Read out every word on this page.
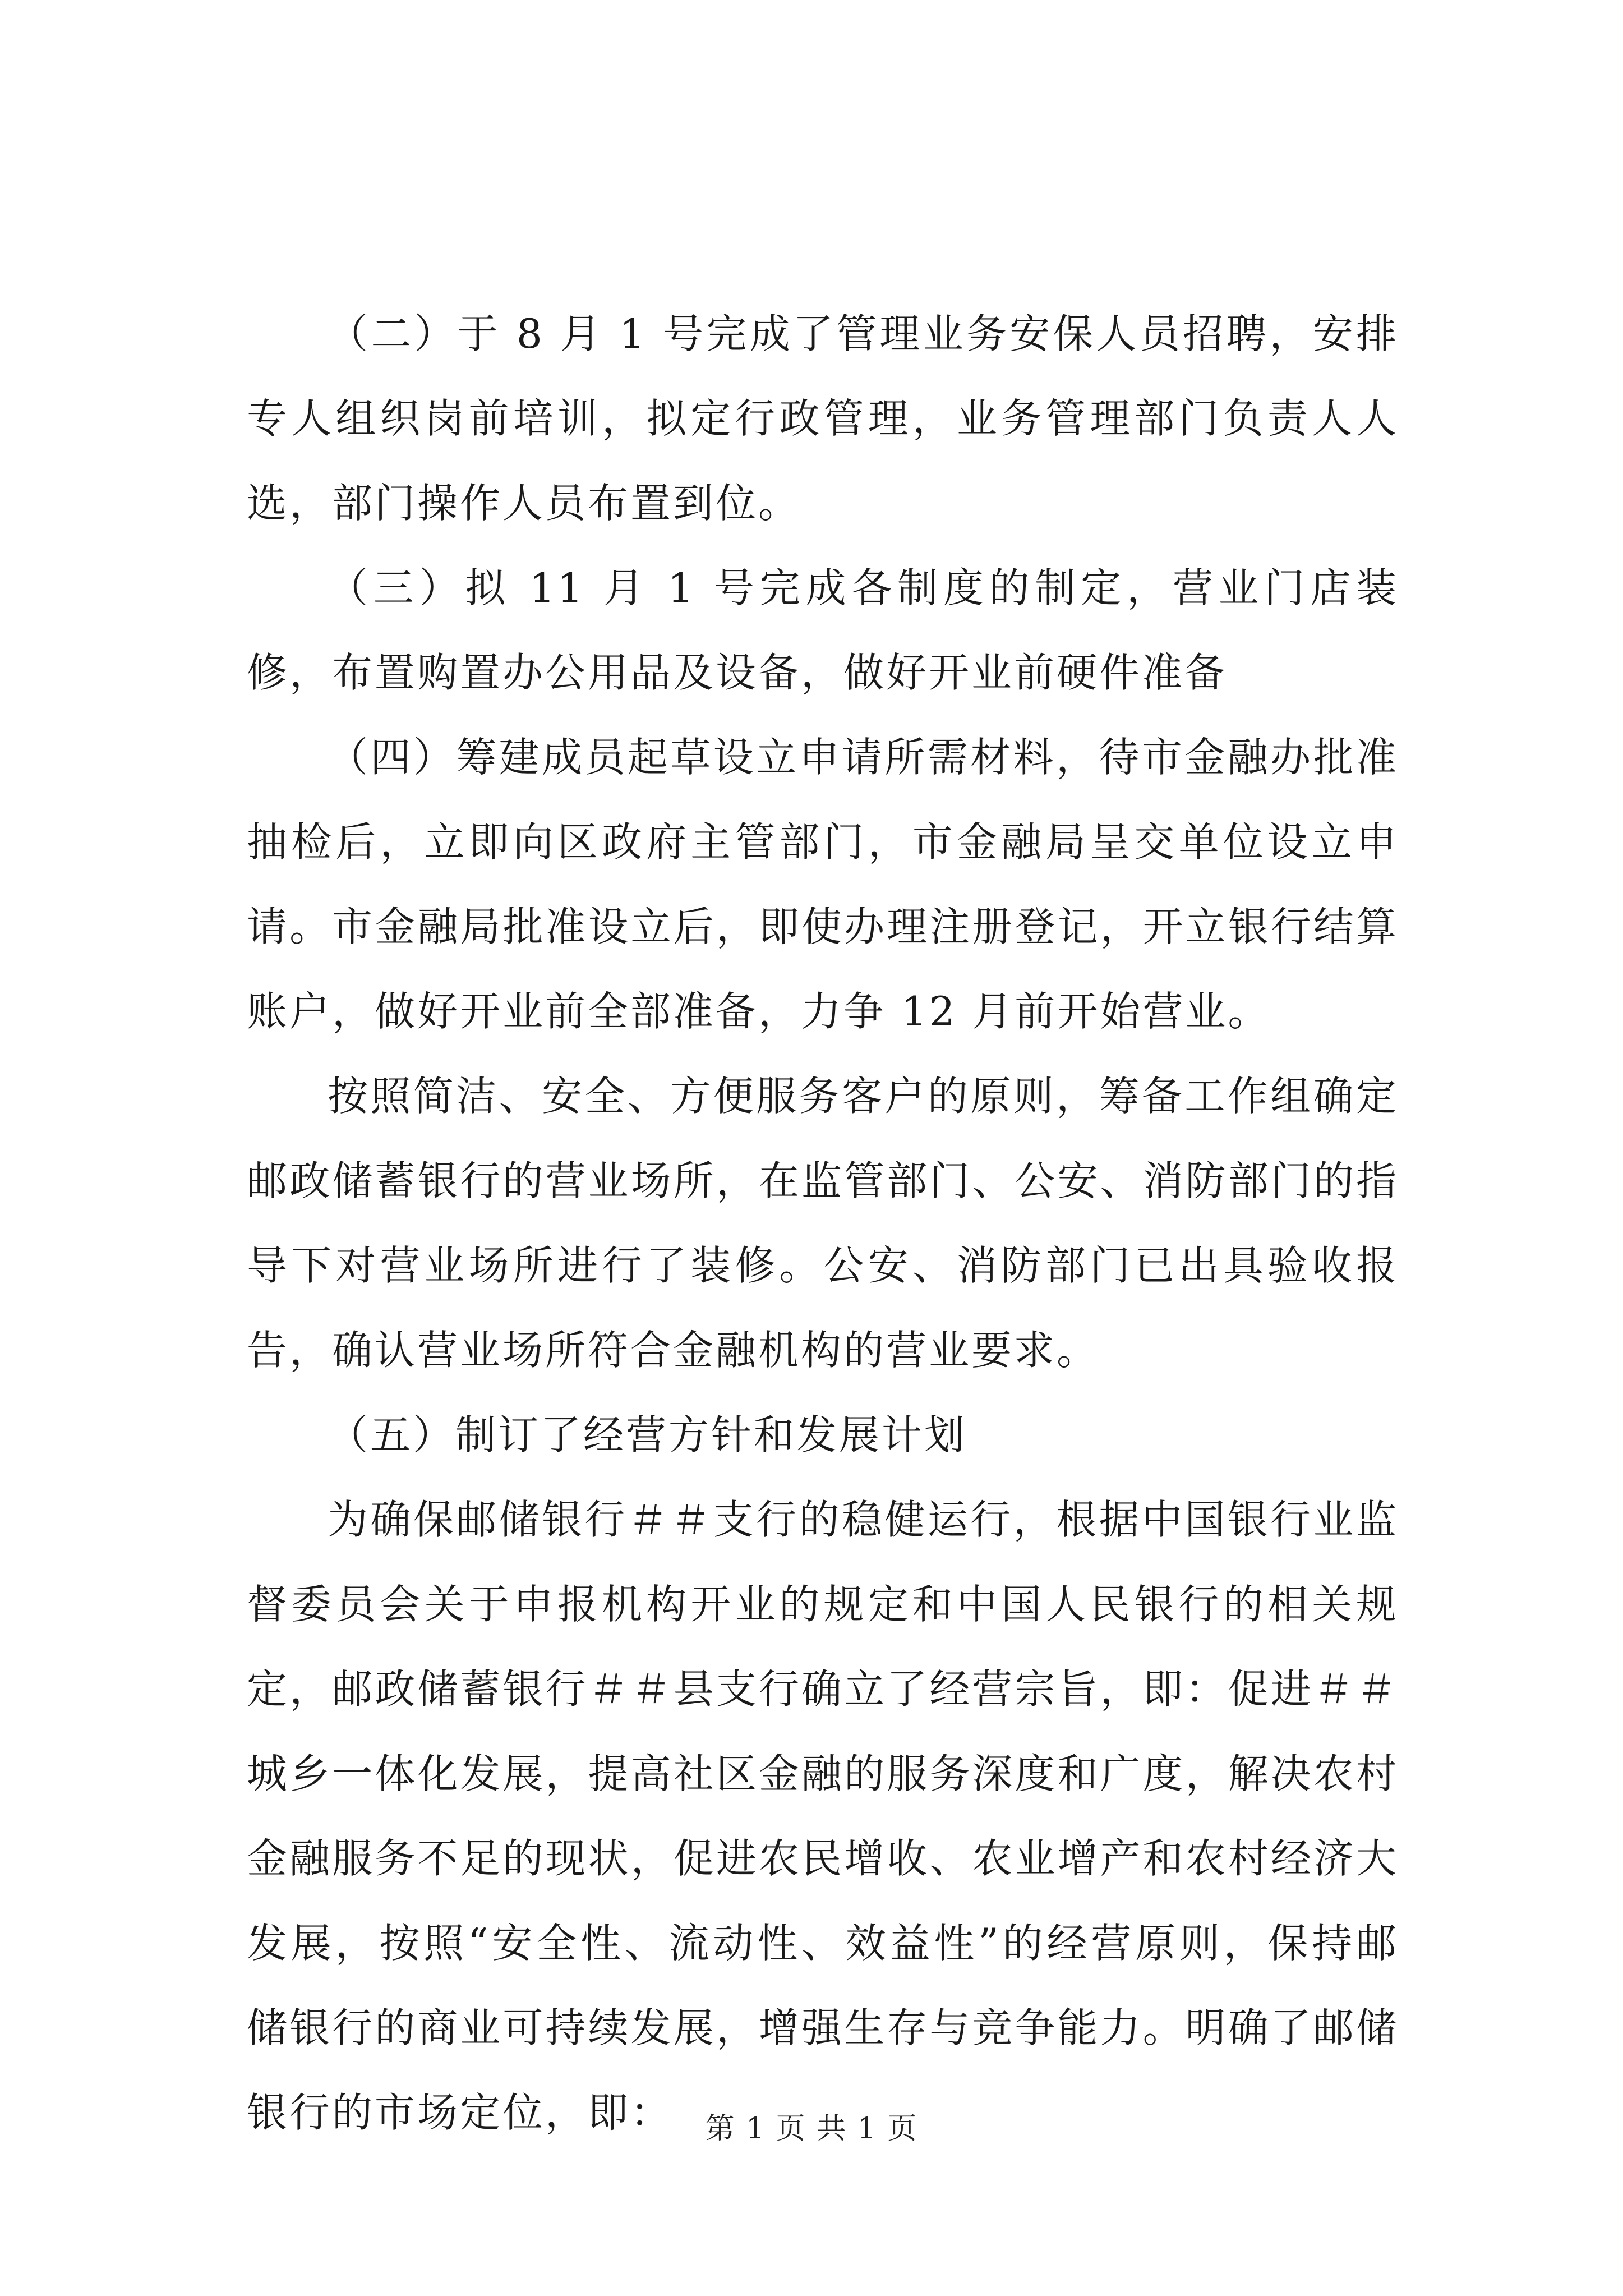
（二）于 8 月 1 号完成了管理业务安保人员招聘，安排专人组织岗前培训，拟定行政管理，业务管理部门负责人人选，部门操作人员布置到位。

（三）拟 11 月 1 号完成各制度的制定，营业门店装修，布置购置办公用品及设备，做好开业前硬件准备

（四）筹建成员起草设立申请所需材料，待市金融办批准抽检后，立即向区政府主管部门，市金融局呈交单位设立申请。市金融局批准设立后，即使办理注册登记，开立银行结算账户，做好开业前全部准备，力争 12 月前开始营业。

按照简洁、安全、方便服务客户的原则，筹备工作组确定邮政储蓄银行的营业场所，在监管部门、公安、消防部门的指导下对营业场所进行了装修。公安、消防部门已出具验收报告，确认营业场所符合金融机构的营业要求。

（五）制订了经营方针和发展计划

为确保邮储银行＃＃支行的稳健运行，根据中国银行业监督委员会关于申报机构开业的规定和中国人民银行的相关规定，邮政储蓄银行＃＃县支行确立了经营宗旨，即：促进＃＃城乡一体化发展，提高社区金融的服务深度和广度，解决农村金融服务不足的现状，促进农民增收、农业增产和农村经济大发展，按照“安全性、流动性、效益性”的经营原则，保持邮储银行的商业可持续发展，增强生存与竞争能力。明确了邮储银行的市场定位，即：	第 1 页 共 1 页
